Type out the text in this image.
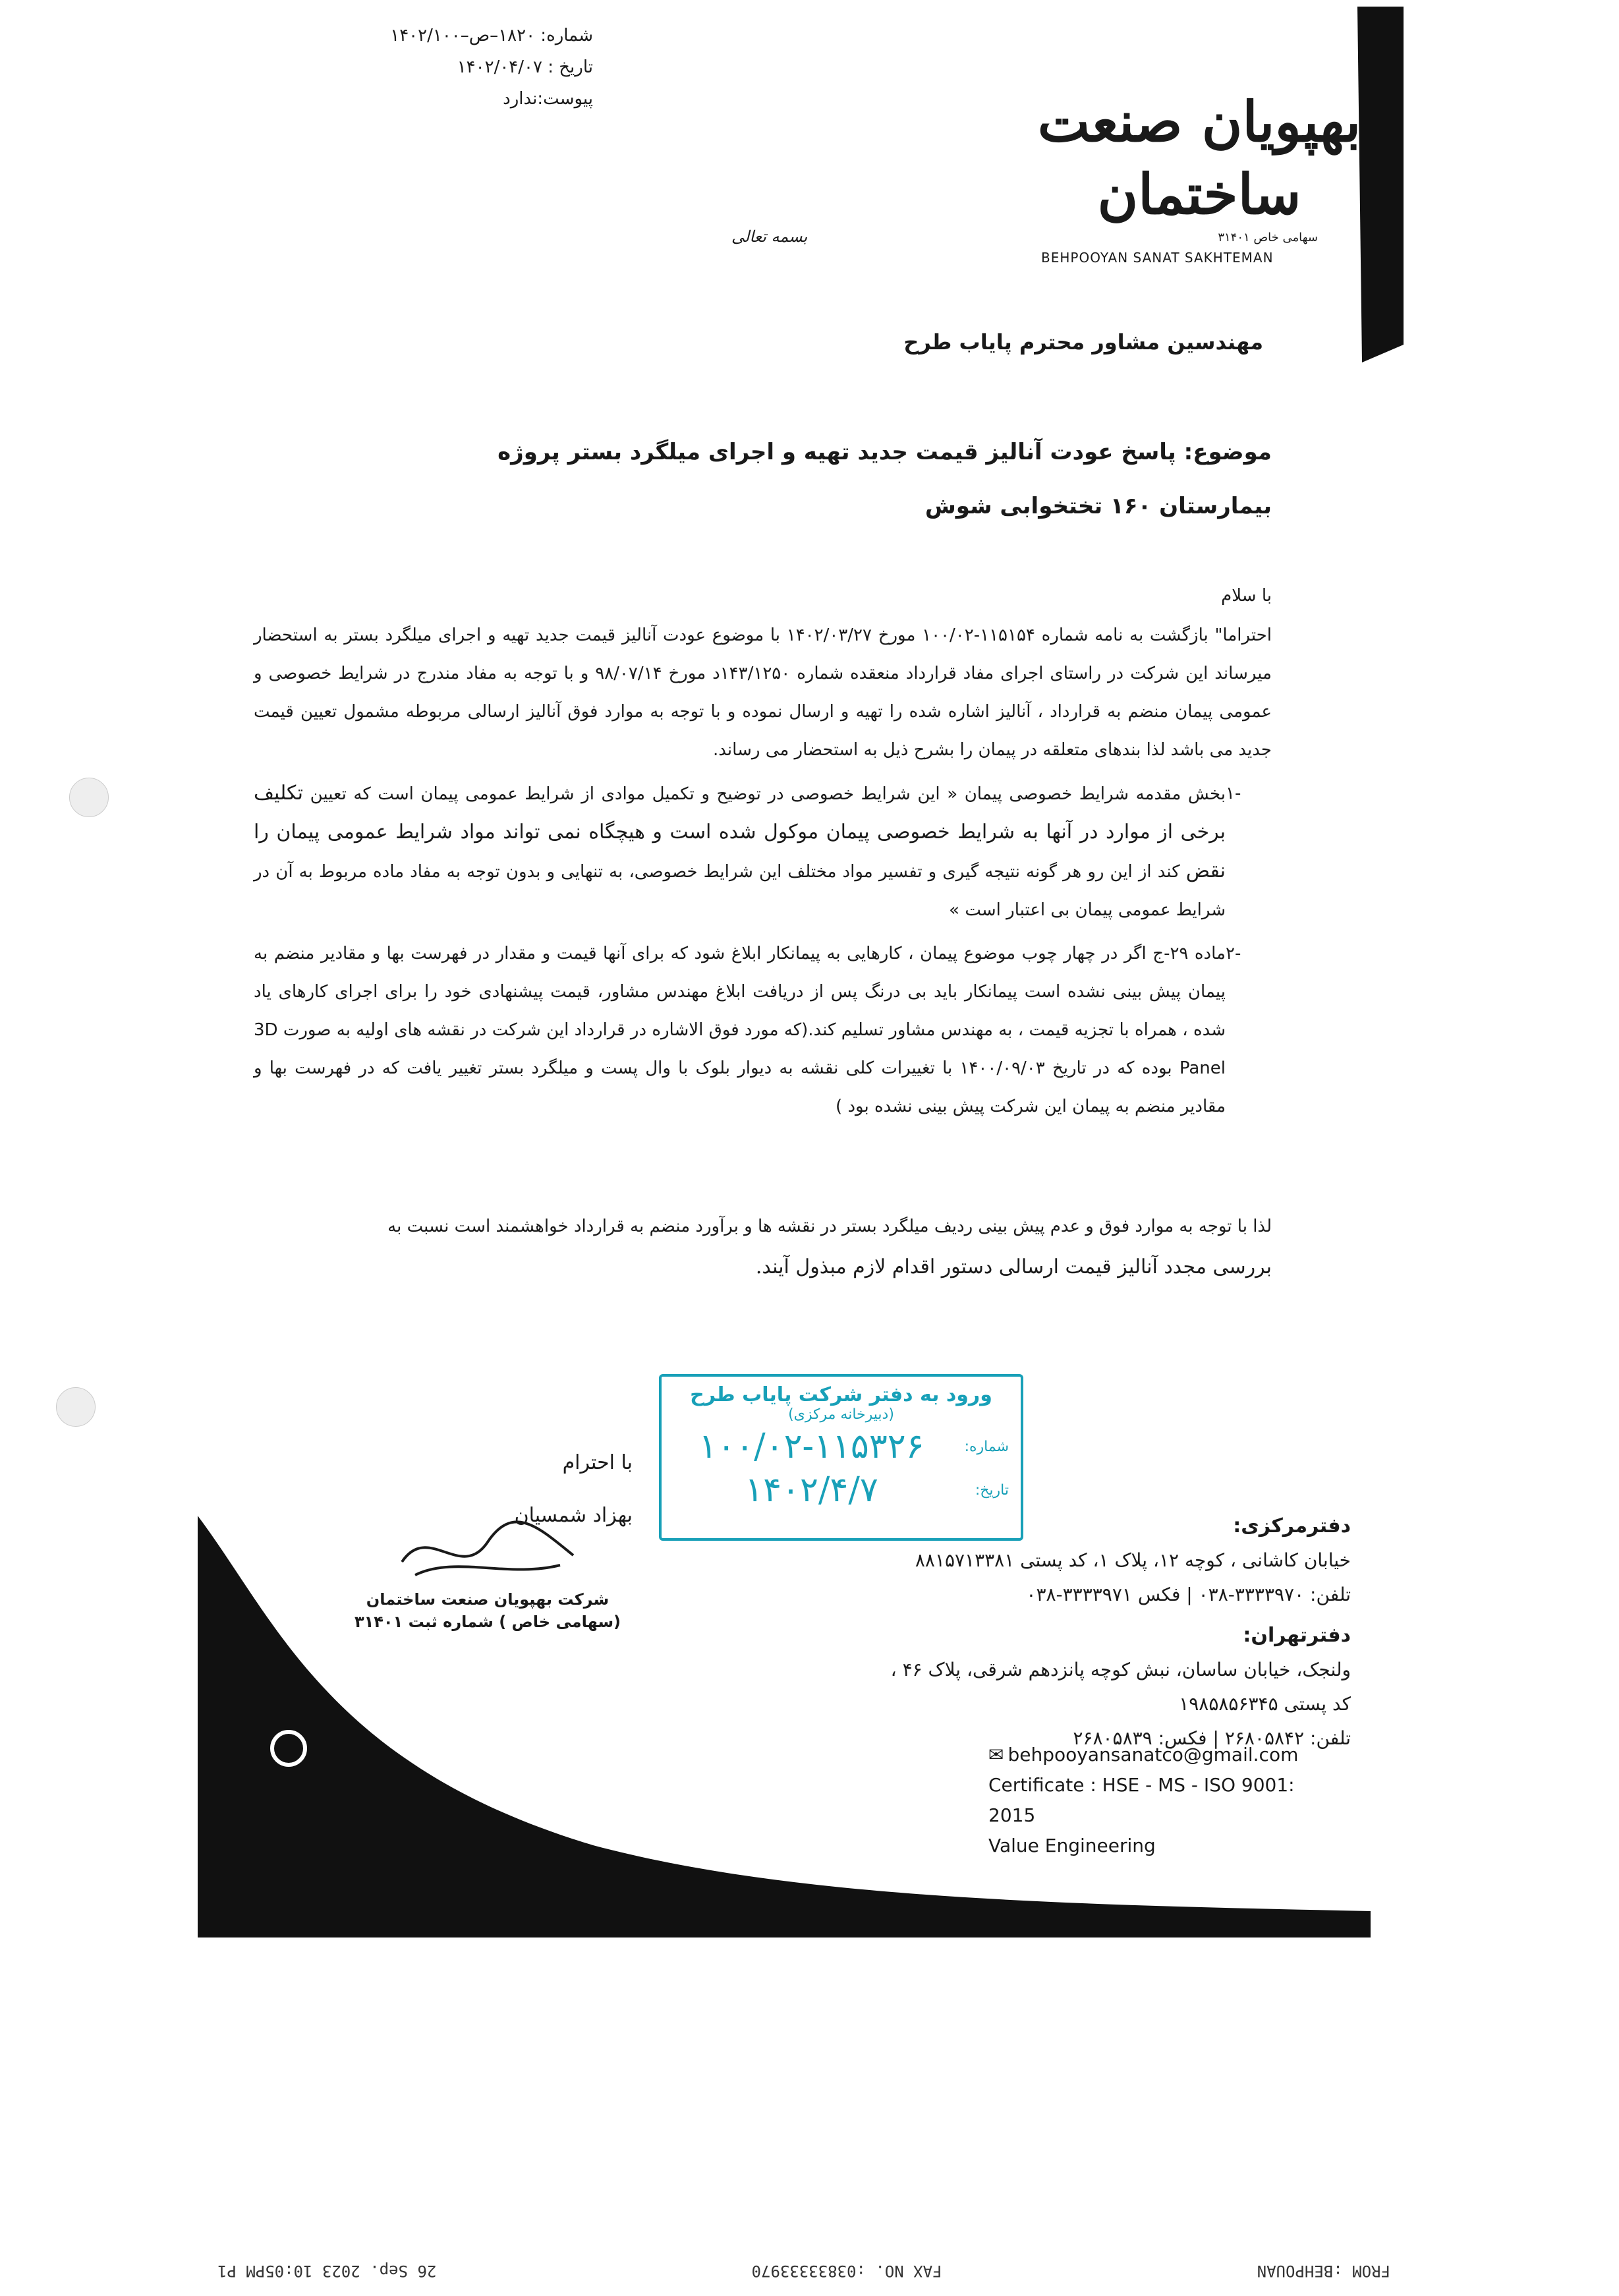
شماره: ۱۸۲۰–ص–۱۴۰۲/۱۰۰
تاریخ : ۱۴۰۲/۰۴/۰۷
پیوست:ندارد	بهپویان صنعت ساختمان
سهامی خاص ۳۱۴۰۱
BEHPOOYAN SANAT SAKHTEMAN
بسمه تعالی
مهندسین مشاور محترم پایاب طرح
موضوع: پاسخ عودت آنالیز قیمت جدید تهیه و اجرای میلگرد بستر پروژه بیمارستان ۱۶۰ تختخوابی شوش

با سلام

احتراما" بازگشت به نامه شماره ۱۱۵۱۵۴-۱۰۰/۰۲ مورخ ۱۴۰۲/۰۳/۲۷ با موضوع عودت آنالیز قیمت جدید تهیه و اجرای میلگرد بستر به استحضار میرساند این شرکت در راستای اجرای مفاد قرارداد منعقده شماره ۱۴۳/۱۲۵۰د مورخ ۹۸/۰۷/۱۴ و با توجه به مفاد مندرج در شرایط خصوصی و عمومی پیمان منضم به قرارداد ، آنالیز اشاره شده را تهیه و ارسال نموده و با توجه به موارد فوق آنالیز ارسالی مربوطه مشمول تعیین قیمت جدید می باشد لذا بندهای متعلقه در پیمان را بشرح ذیل به استحضار می رساند.

-۱
بخش مقدمه شرایط خصوصی پیمان « این شرایط خصوصی در توضیح و تکمیل موادی از شرایط عمومی پیمان است که تعیین تکلیف برخی از موارد در آنها به شرایط خصوصی پیمان موکول شده است و هیچگاه نمی تواند مواد شرایط عمومی پیمان را نقض کند از این رو هر گونه نتیجه گیری و تفسیر مواد مختلف این شرایط خصوصی، به تنهایی و بدون توجه به مفاد ماده مربوط به آن در شرایط عمومی پیمان بی اعتبار است »
-۲
ماده ۲۹-ج اگر در چهار چوب موضوع پیمان ، کارهایی به پیمانکار ابلاغ شود که برای آنها قیمت و مقدار در فهرست بها و مقادیر منضم به پیمان پیش بینی نشده است پیمانکار باید بی درنگ پس از دریافت ابلاغ مهندس مشاور، قیمت پیشنهادی خود را برای اجرای کارهای یاد شده ، همراه با تجزیه قیمت ، به مهندس مشاور تسلیم کند.(که مورد فوق الاشاره در قرارداد این شرکت در نقشه های اولیه به صورت 3D Panel بوده که در تاریخ ۱۴۰۰/۰۹/۰۳ با تغییرات کلی نقشه به دیوار بلوک با وال پست و میلگرد بستر تغییر یافت که در فهرست بها و مقادیر منضم به پیمان این شرکت پیش بینی نشده بود )
لذا با توجه به موارد فوق و عدم پیش بینی ردیف میلگرد بستر در نقشه ها و برآورد منضم به قرارداد خواهشمند است نسبت به
بررسی مجدد آنالیز قیمت ارسالی دستور اقدام لازم مبذول آیند.
ورود به دفتر شرکت پایاب طرح
(دبیرخانه مرکزی)
شماره:
۱۰۰/۰۲-۱۱۵۳۲۶
تاریخ:
۱۴۰۲/۴/۷
با احترام
بهزاد شمسیان
شرکت بهپویان صنعت ساختمان
(سهامی خاص ) شماره ثبت ۳۱۴۰۱
دفترمرکزی:
خیابان کاشانی ، کوچه ۱۲، پلاک ۱، کد پستی ۸۸۱۵۷۱۳۳۸۱
تلفن: ۳۳۳۳۹۷۰-۰۳۸ | فکس ۳۳۳۳۹۷۱-۰۳۸
دفترتهران:
ولنجک، خیابان ساسان، نبش کوچه پانزدهم شرقی، پلاک ۴۶ ، کد پستی ۱۹۸۵۸۵۶۳۴۵
تلفن: ۲۶۸۰۵۸۴۲ | فکس: ۲۶۸۰۵۸۳۹
✉ behpooyansanatco@gmail.com
Certificate : HSE - MS - ISO 9001: 2015
Value Engineering
FROM :BEHPOUAN
FAX NO. :03833333970
26 Sep. 2023 10:05PM P1
